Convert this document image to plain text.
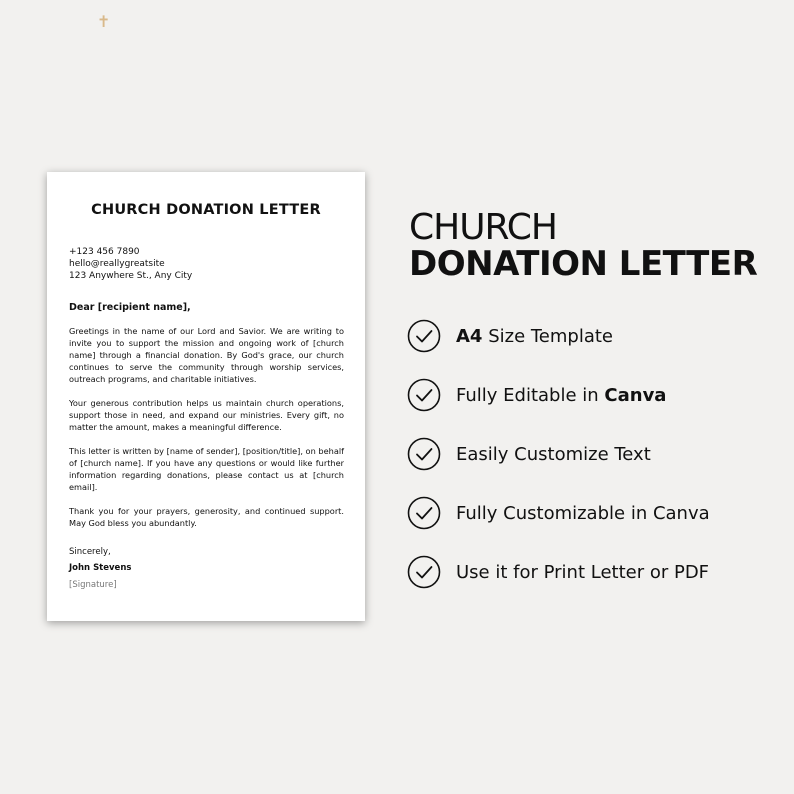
✝
CHURCH DONATION LETTER
+123 456 7890
hello@reallygreatsite
123 Anywhere St., Any City
Dear [recipient name],
Greetings in the name of our Lord and Savior. We are writing to invite you to support the mission and ongoing work of [church name] through a financial donation. By God's grace, our church continues to serve the community through worship services, outreach programs, and charitable initiatives.
Your generous contribution helps us maintain church operations, support those in need, and expand our ministries. Every gift, no matter the amount, makes a meaningful difference.
This letter is written by [name of sender], [position/title], on behalf of [church name]. If you have any questions or would like further information regarding donations, please contact us at [church email].
Thank you for your prayers, generosity, and continued support. May God bless you abundantly.
Sincerely,
John Stevens
[Signature]
CHURCH
DONATION LETTER
A4 Size Template
Fully Editable in Canva
Easily Customize Text
Fully Customizable in Canva
Use it for Print Letter or PDF
